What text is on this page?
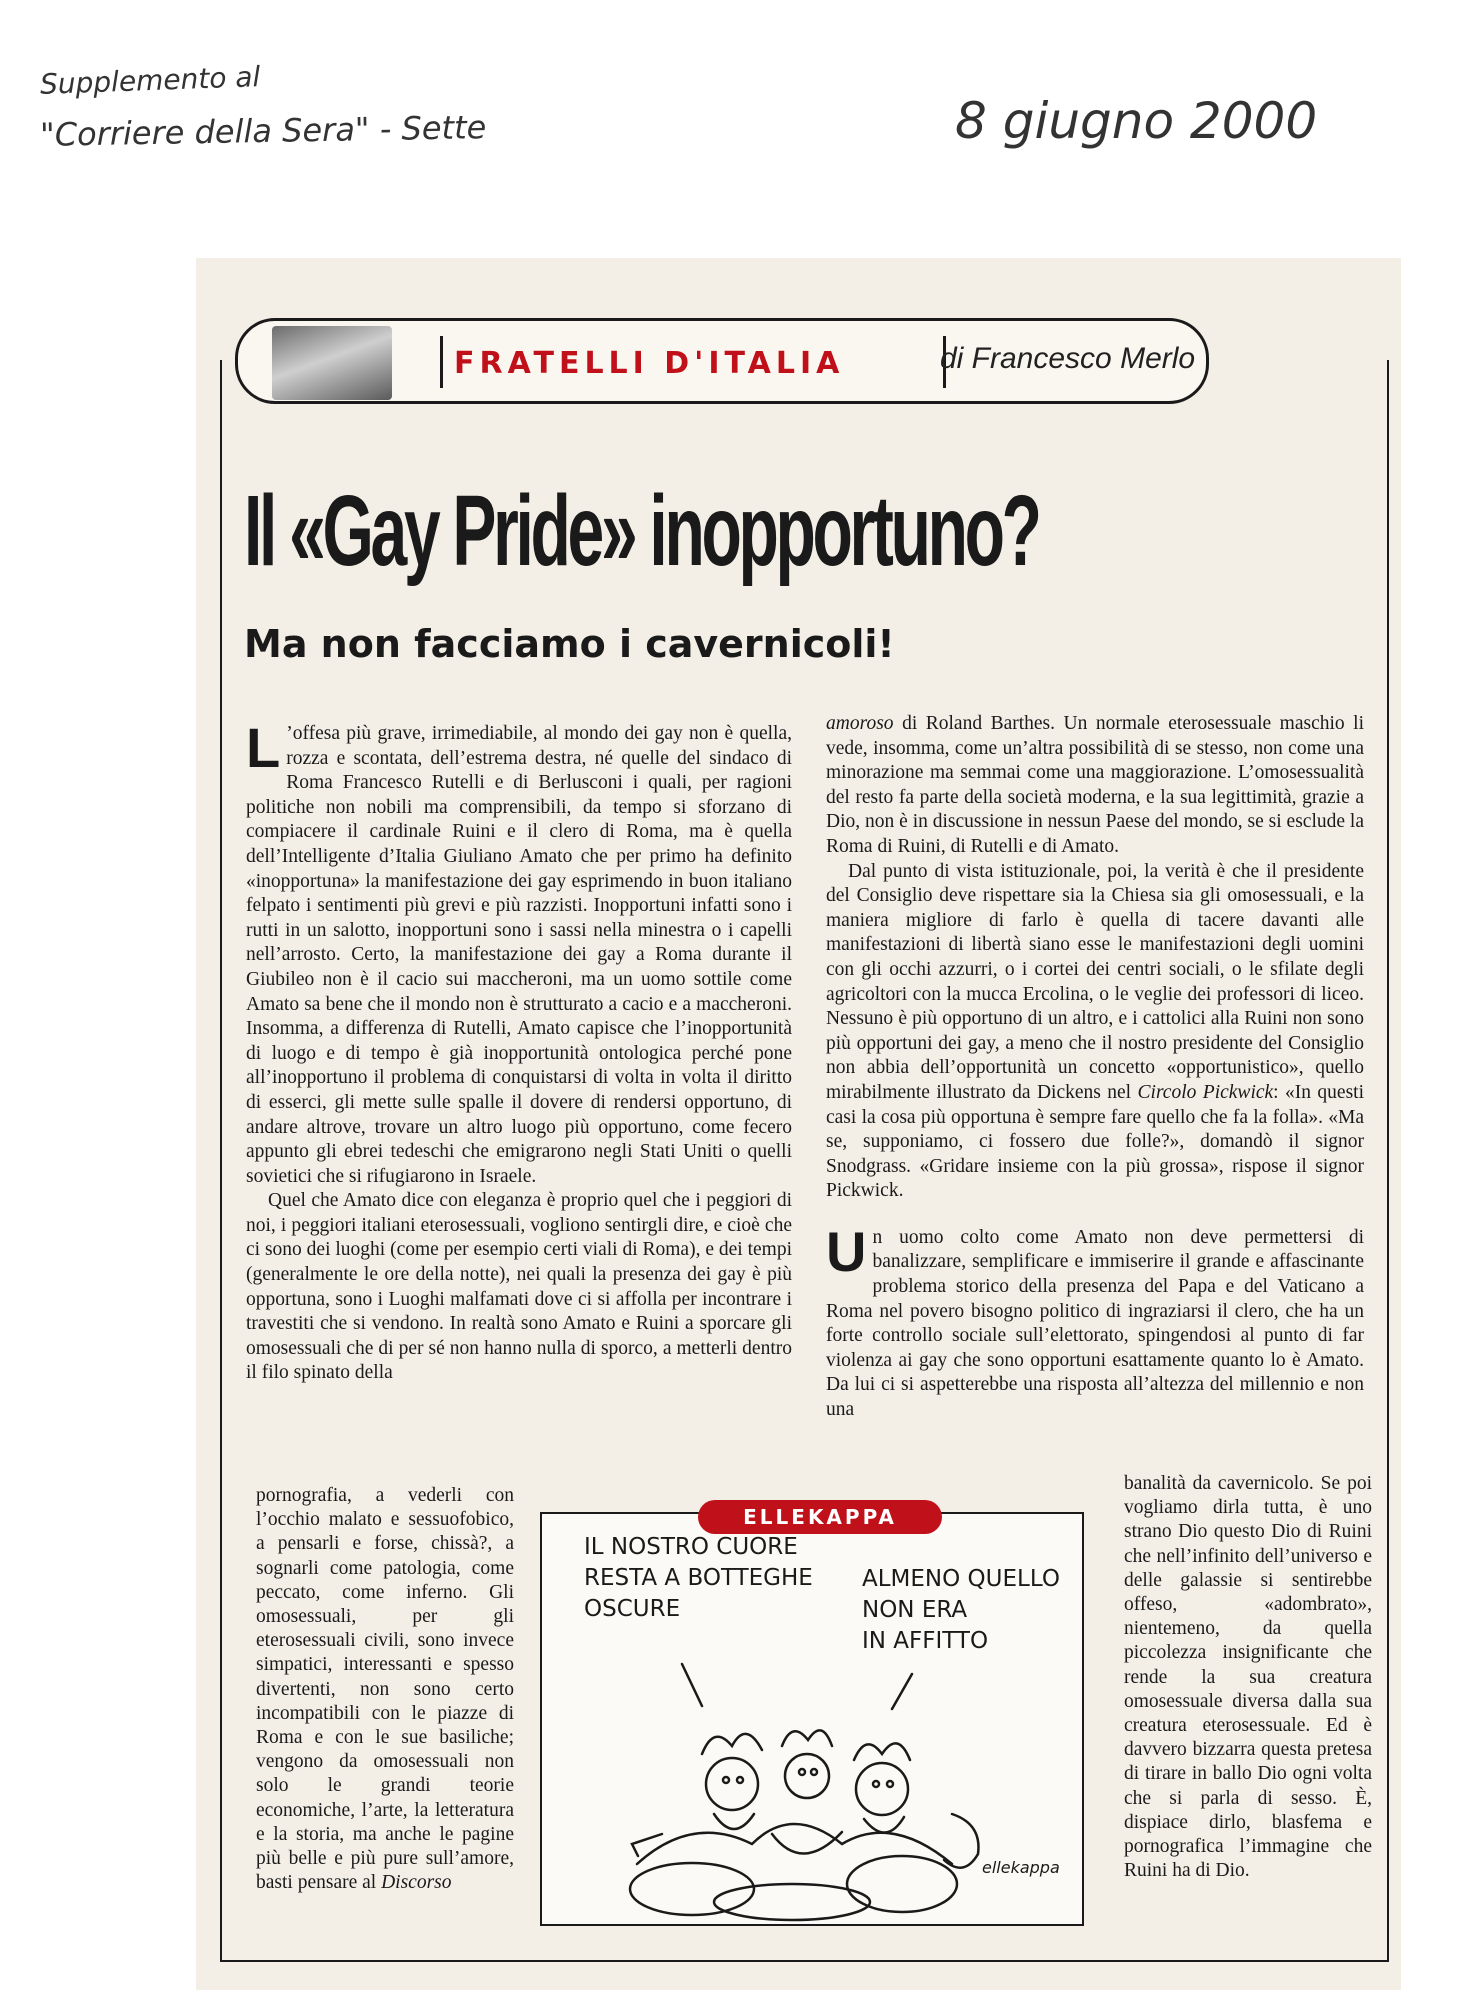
Supplemento al
"Corriere della Sera" - Sette	8 giugno 2000
FRATELLI D'ITALIA	di Francesco Merlo
Il «Gay Pride» inopportuno?
Ma non facciamo i cavernicoli!

L ’offesa più grave, irrimediabile, al mondo dei gay non è quella, rozza e scontata, dell’estrema destra, né quelle del sindaco di Roma Francesco Rutelli e di Berlusconi i quali, per ragioni politiche non nobili ma comprensibili, da tempo si sforzano di compiacere il cardinale Ruini e il clero di Roma, ma è quella dell’Intelligente d’Italia Giuliano Amato che per primo ha definito «inopportuna» la manifestazione dei gay esprimendo in buon italiano felpato i sentimenti più grevi e più razzisti. Inopportuni infatti sono i rutti in un salotto, inopportuni sono i sassi nella minestra o i capelli nell’arrosto. Certo, la manifestazione dei gay a Roma durante il Giubileo non è il cacio sui maccheroni, ma un uomo sottile come Amato sa bene che il mondo non è strutturato a cacio e a maccheroni. Insomma, a differenza di Rutelli, Amato capisce che l’inopportunità di luogo e di tempo è già inopportunità ontologica perché pone all’inopportuno il problema di conquistarsi di volta in volta il diritto di esserci, gli mette sulle spalle il dovere di rendersi opportuno, di andare altrove, trovare un altro luogo più opportuno, come fecero appunto gli ebrei tedeschi che emigrarono negli Stati Uniti o quelli sovietici che si rifugiarono in Israele.

Quel che Amato dice con eleganza è proprio quel che i peggiori di noi, i peggiori italiani eterosessuali, vogliono sentirgli dire, e cioè che ci sono dei luoghi (come per esempio certi viali di Roma), e dei tempi (generalmente le ore della notte), nei quali la presenza dei gay è più opportuna, sono i Luoghi malfamati dove ci si affolla per incontrare i travestiti che si vendono. In realtà sono Amato e Ruini a sporcare gli omosessuali che di per sé non hanno nulla di sporco, a metterli dentro il filo spinato della

pornografia, a vederli con l’occhio malato e sessuofobico, a pensarli e forse, chissà?, a sognarli come patologia, come peccato, come inferno. Gli omosessuali, per gli eterosessuali civili, sono invece simpatici, interessanti e spesso divertenti, non sono certo incompatibili con le piazze di Roma e con le sue basiliche; vengono da omosessuali non solo le grandi teorie economiche, l’arte, la letteratura e la storia, ma anche le pagine più belle e più pure sull’amore, basti pensare al Discorso

amoroso di Roland Barthes. Un normale eterosessuale maschio li vede, insomma, come un’altra possibilità di se stesso, non come una minorazione ma semmai come una maggiorazione. L’omosessualità del resto fa parte della società moderna, e la sua legittimità, grazie a Dio, non è in discussione in nessun Paese del mondo, se si esclude la Roma di Ruini, di Rutelli e di Amato.

Dal punto di vista istituzionale, poi, la verità è che il presidente del Consiglio deve rispettare sia la Chiesa sia gli omosessuali, e la maniera migliore di farlo è quella di tacere davanti alle manifestazioni di libertà siano esse le manifestazioni degli uomini con gli occhi azzurri, o i cortei dei centri sociali, o le sfilate degli agricoltori con la mucca Ercolina, o le veglie dei professori di liceo. Nessuno è più opportuno di un altro, e i cattolici alla Ruini non sono più opportuni dei gay, a meno che il nostro presidente del Consiglio non abbia dell’opportunità un concetto «opportunistico», quello mirabilmente illustrato da Dickens nel Circolo Pickwick: «In questi casi la cosa più opportuna è sempre fare quello che fa la folla». «Ma se, supponiamo, ci fossero due folle?», domandò il signor Snodgrass. «Gridare insieme con la più grossa», rispose il signor Pickwick.

Un uomo colto come Amato non deve permettersi di banalizzare, semplificare e immiserire il grande e affascinante problema storico della presenza del Papa e del Vaticano a Roma nel povero bisogno politico di ingraziarsi il clero, che ha un forte controllo sociale sull’elettorato, spingendosi al punto di far violenza ai gay che sono opportuni esattamente quanto lo è Amato. Da lui ci si aspetterebbe una risposta all’altezza del millennio e non una

banalità da cavernicolo. Se poi vogliamo dirla tutta, è uno strano Dio questo Dio di Ruini che nell’infinito dell’universo e delle galassie si sentirebbe offeso, «adombrato», nientemeno, da quella piccolezza insignificante che rende la sua creatura omosessuale diversa dalla sua creatura eterosessuale. Ed è davvero bizzarra questa pretesa di tirare in ballo Dio ogni volta che si parla di sesso. È, dispiace dirlo, blasfema e pornografica l’immagine che Ruini ha di Dio.

IL NOSTRO CUORE
RESTA A BOTTEGHE
OSCURE
ALMENO QUELLO
NON ERA
IN AFFITTO
ELLEKAPPA
ellekappa
